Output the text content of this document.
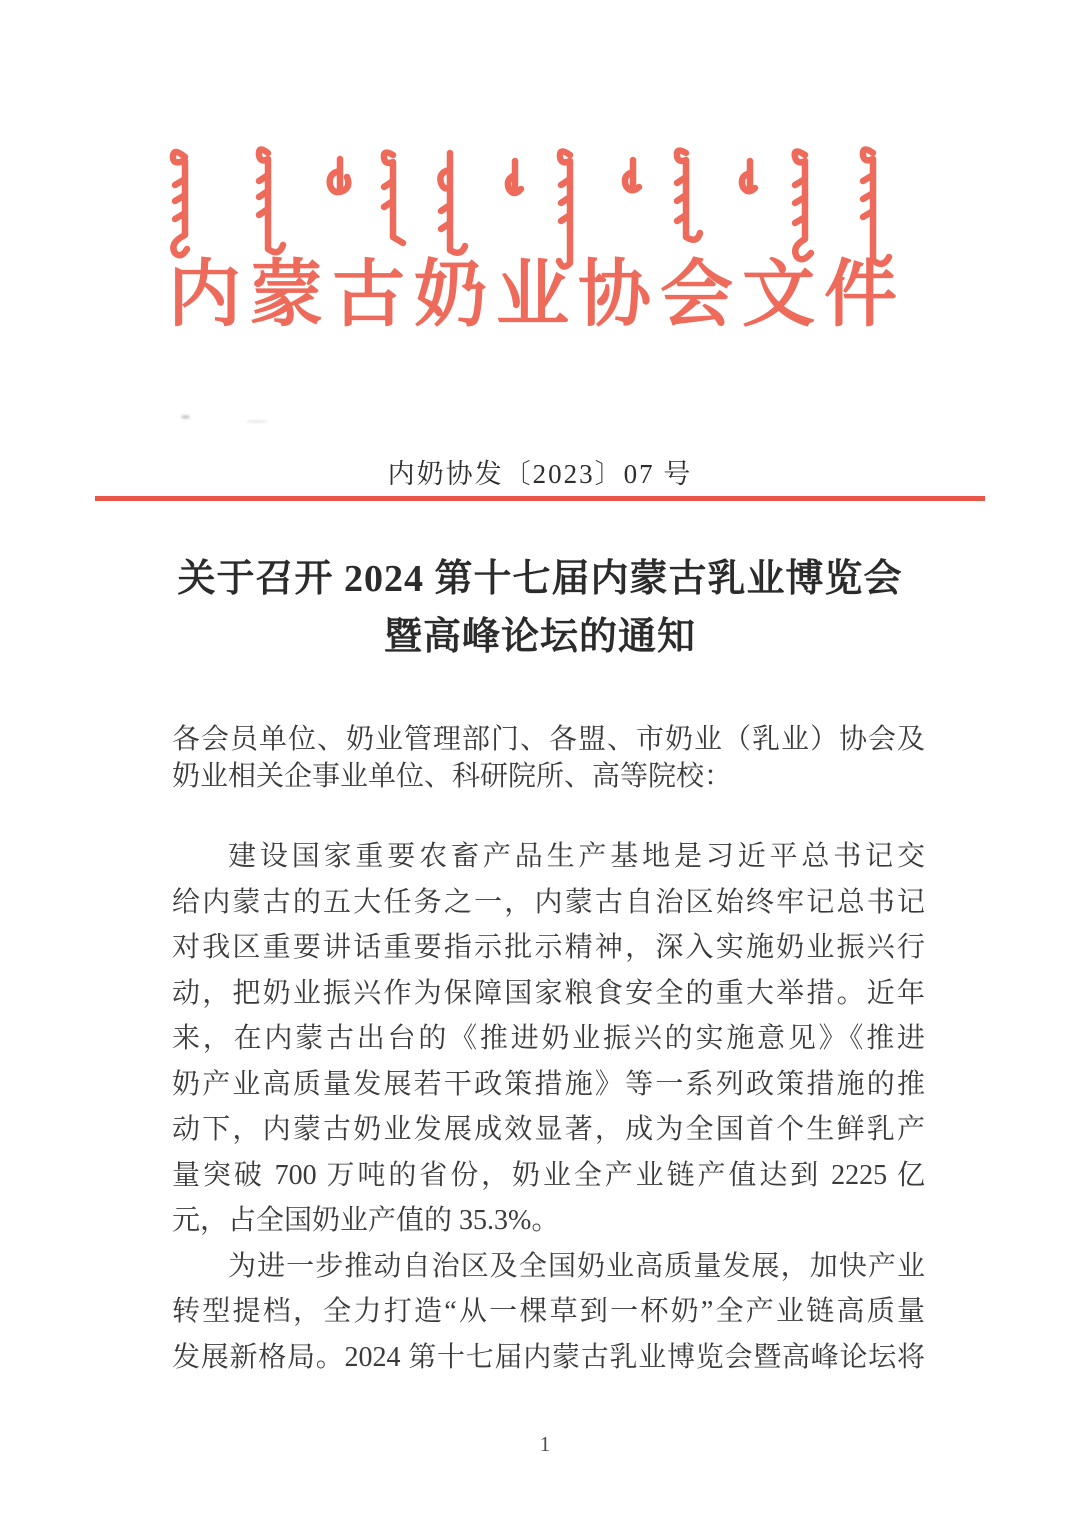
内蒙古奶业协会文件
内奶协发〔2023〕07 号
关于召开 2024 第十七届内蒙古乳业博览会
暨高峰论坛的通知
各会员单位、奶业管理部门、各盟、市奶业（乳业）协会及
奶业相关企事业单位、科研院所、高等院校：
建设国家重要农畜产品生产基地是习近平总书记交
给内蒙古的五大任务之一，内蒙古自治区始终牢记总书记
对我区重要讲话重要指示批示精神，深入实施奶业振兴行
动，把奶业振兴作为保障国家粮食安全的重大举措。近年
来，在内蒙古出台的《推进奶业振兴的实施意见》《推进
奶产业高质量发展若干政策措施》等一系列政策措施的推
动下，内蒙古奶业发展成效显著，成为全国首个生鲜乳产
量突破 700 万吨的省份，奶业全产业链产值达到 2225 亿
元，占全国奶业产值的 35.3%。
为进一步推动自治区及全国奶业高质量发展，加快产业
转型提档，全力打造“从一棵草到一杯奶”全产业链高质量
发展新格局。2024 第十七届内蒙古乳业博览会暨高峰论坛将
1
